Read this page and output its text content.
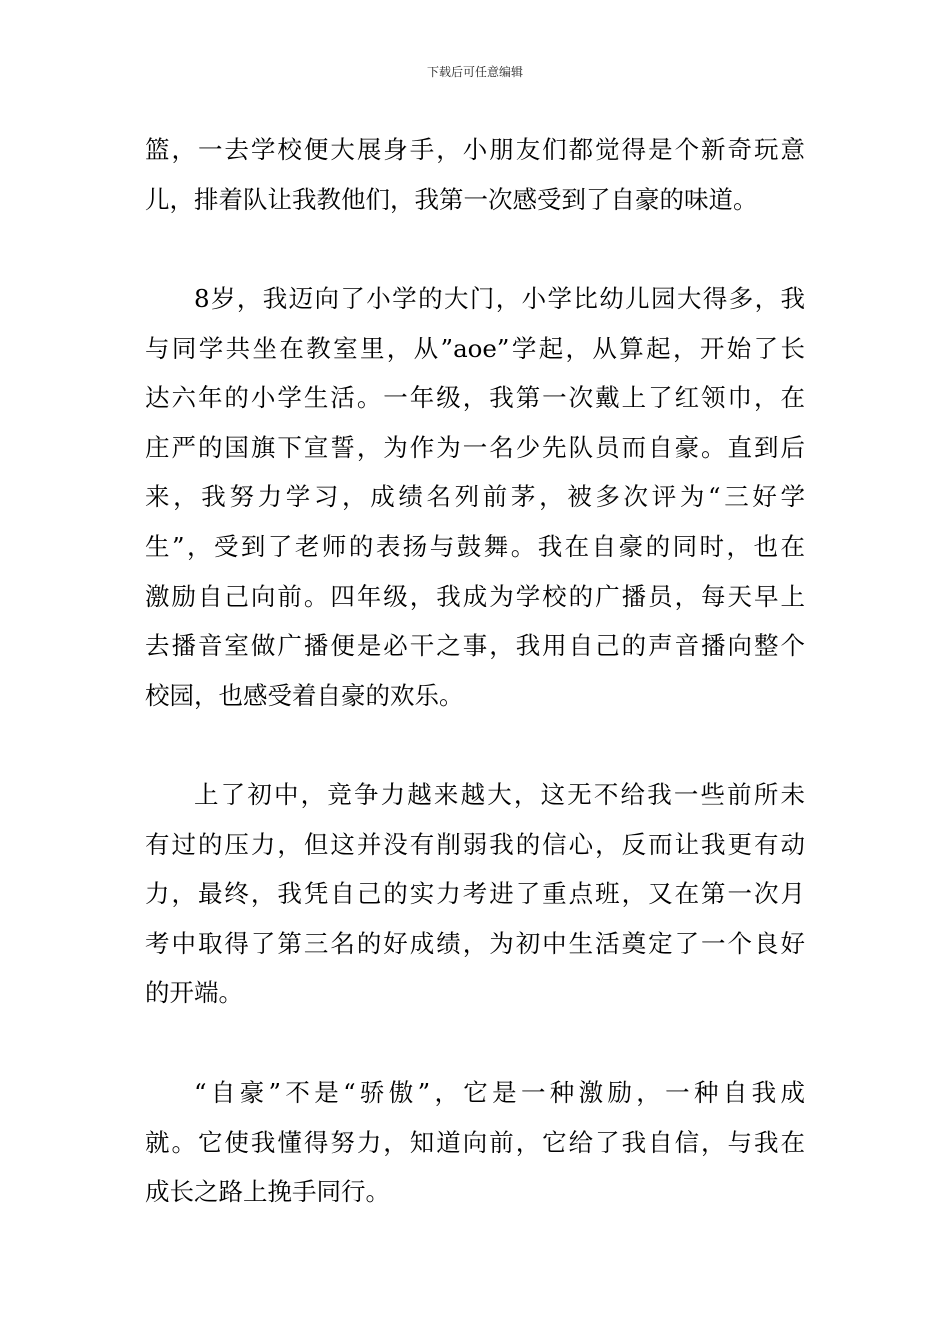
下载后可任意编辑
篮，一去学校便大展身手，小朋友们都觉得是个新奇玩意
儿，排着队让我教他们，我第一次感受到了自豪的味道。
8岁，我迈向了小学的大门，小学比幼儿园大得多，我
与同学共坐在教室里，从”aoe”学起，从算起，开始了长
达六年的小学生活。一年级，我第一次戴上了红领巾，在
庄严的国旗下宣誓，为作为一名少先队员而自豪。直到后
来，我努力学习，成绩名列前茅，被多次评为“三好学
生”，受到了老师的表扬与鼓舞。我在自豪的同时，也在
激励自己向前。四年级，我成为学校的广播员，每天早上
去播音室做广播便是必干之事，我用自己的声音播向整个
校园，也感受着自豪的欢乐。
上了初中，竞争力越来越大，这无不给我一些前所未
有过的压力，但这并没有削弱我的信心，反而让我更有动
力，最终，我凭自己的实力考进了重点班，又在第一次月
考中取得了第三名的好成绩，为初中生活奠定了一个良好
的开端。
“自豪”不是“骄傲”，它是一种激励，一种自我成
就。它使我懂得努力，知道向前，它给了我自信，与我在
成长之路上挽手同行。
